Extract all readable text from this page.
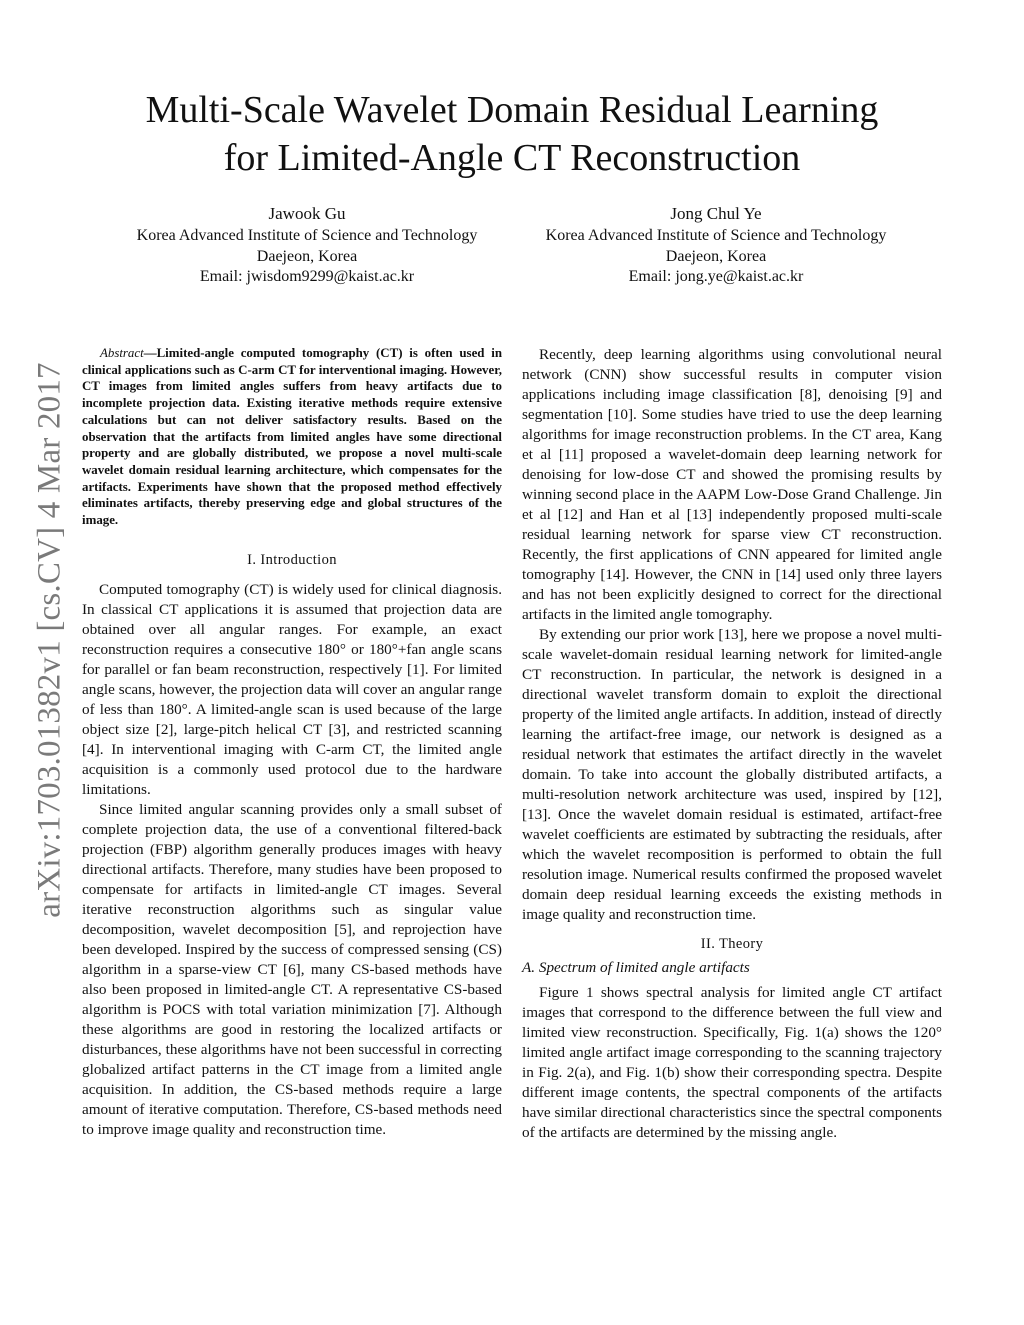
arXiv:1703.01382v1 [cs.CV] 4 Mar 2017
Multi-Scale Wavelet Domain Residual Learning
for Limited-Angle CT Reconstruction
Jawook Gu
Korea Advanced Institute of Science and Technology
Daejeon, Korea
Email: jwisdom9299@kaist.ac.kr
Jong Chul Ye
Korea Advanced Institute of Science and Technology
Daejeon, Korea
Email: jong.ye@kaist.ac.kr

Abstract—Limited-angle computed tomography (CT) is often used in clinical applications such as C-arm CT for interventional imaging. However, CT images from limited angles suffers from heavy artifacts due to incomplete projection data. Existing iterative methods require extensive calculations but can not deliver satisfactory results. Based on the observation that the artifacts from limited angles have some directional property and are globally distributed, we propose a novel multi-scale wavelet domain residual learning architecture, which compensates for the artifacts. Experiments have shown that the proposed method effectively eliminates artifacts, thereby preserving edge and global structures of the image.

I. Introduction

Computed tomography (CT) is widely used for clinical diagnosis. In classical CT applications it is assumed that projection data are obtained over all angular ranges. For example, an exact reconstruction requires a consecutive 180° or 180°+fan angle scans for parallel or fan beam reconstruction, respectively [1]. For limited angle scans, however, the projection data will cover an angular range of less than 180°. A limited-angle scan is used because of the large object size [2], large-pitch helical CT [3], and restricted scanning [4]. In interventional imaging with C-arm CT, the limited angle acquisition is a commonly used protocol due to the hardware limitations.

Since limited angular scanning provides only a small subset of complete projection data, the use of a conventional filtered-back projection (FBP) algorithm generally produces images with heavy directional artifacts. Therefore, many studies have been proposed to compensate for artifacts in limited-angle CT images. Several iterative reconstruction algorithms such as singular value decomposition, wavelet decomposition [5], and reprojection have been developed. Inspired by the success of compressed sensing (CS) algorithm in a sparse-view CT [6], many CS-based methods have also been proposed in limited-angle CT. A representative CS-based algorithm is POCS with total variation minimization [7]. Although these algorithms are good in restoring the localized artifacts or disturbances, these algorithms have not been successful in correcting globalized artifact patterns in the CT image from a limited angle acquisition. In addition, the CS-based methods require a large amount of iterative computation. Therefore, CS-based methods need to improve image quality and reconstruction time.

Recently, deep learning algorithms using convolutional neural network (CNN) show successful results in computer vision applications including image classification [8], denoising [9] and segmentation [10]. Some studies have tried to use the deep learning algorithms for image reconstruction problems. In the CT area, Kang et al [11] proposed a wavelet-domain deep learning network for denoising for low-dose CT and showed the promising results by winning second place in the AAPM Low-Dose Grand Challenge. Jin et al [12] and Han et al [13] independently proposed multi-scale residual learning network for sparse view CT reconstruction. Recently, the first applications of CNN appeared for limited angle tomography [14]. However, the CNN in [14] used only three layers and has not been explicitly designed to correct for the directional artifacts in the limited angle tomography.

By extending our prior work [13], here we propose a novel multi-scale wavelet-domain residual learning network for limited-angle CT reconstruction. In particular, the network is designed in a directional wavelet transform domain to exploit the directional property of the limited angle artifacts. In addition, instead of directly learning the artifact-free image, our network is designed as a residual network that estimates the artifact directly in the wavelet domain. To take into account the globally distributed artifacts, a multi-resolution network architecture was used, inspired by [12], [13]. Once the wavelet domain residual is estimated, artifact-free wavelet coefficients are estimated by subtracting the residuals, after which the wavelet recomposition is performed to obtain the full resolution image. Numerical results confirmed the proposed wavelet domain deep residual learning exceeds the existing methods in image quality and reconstruction time.

II. Theory

A. Spectrum of limited angle artifacts

Figure 1 shows spectral analysis for limited angle CT artifact images that correspond to the difference between the full view and limited view reconstruction. Specifically, Fig. 1(a) shows the 120° limited angle artifact image corresponding to the scanning trajectory in Fig. 2(a), and Fig. 1(b) show their corresponding spectra. Despite different image contents, the spectral components of the artifacts have similar directional characteristics since the spectral components of the artifacts are determined by the missing angle.
